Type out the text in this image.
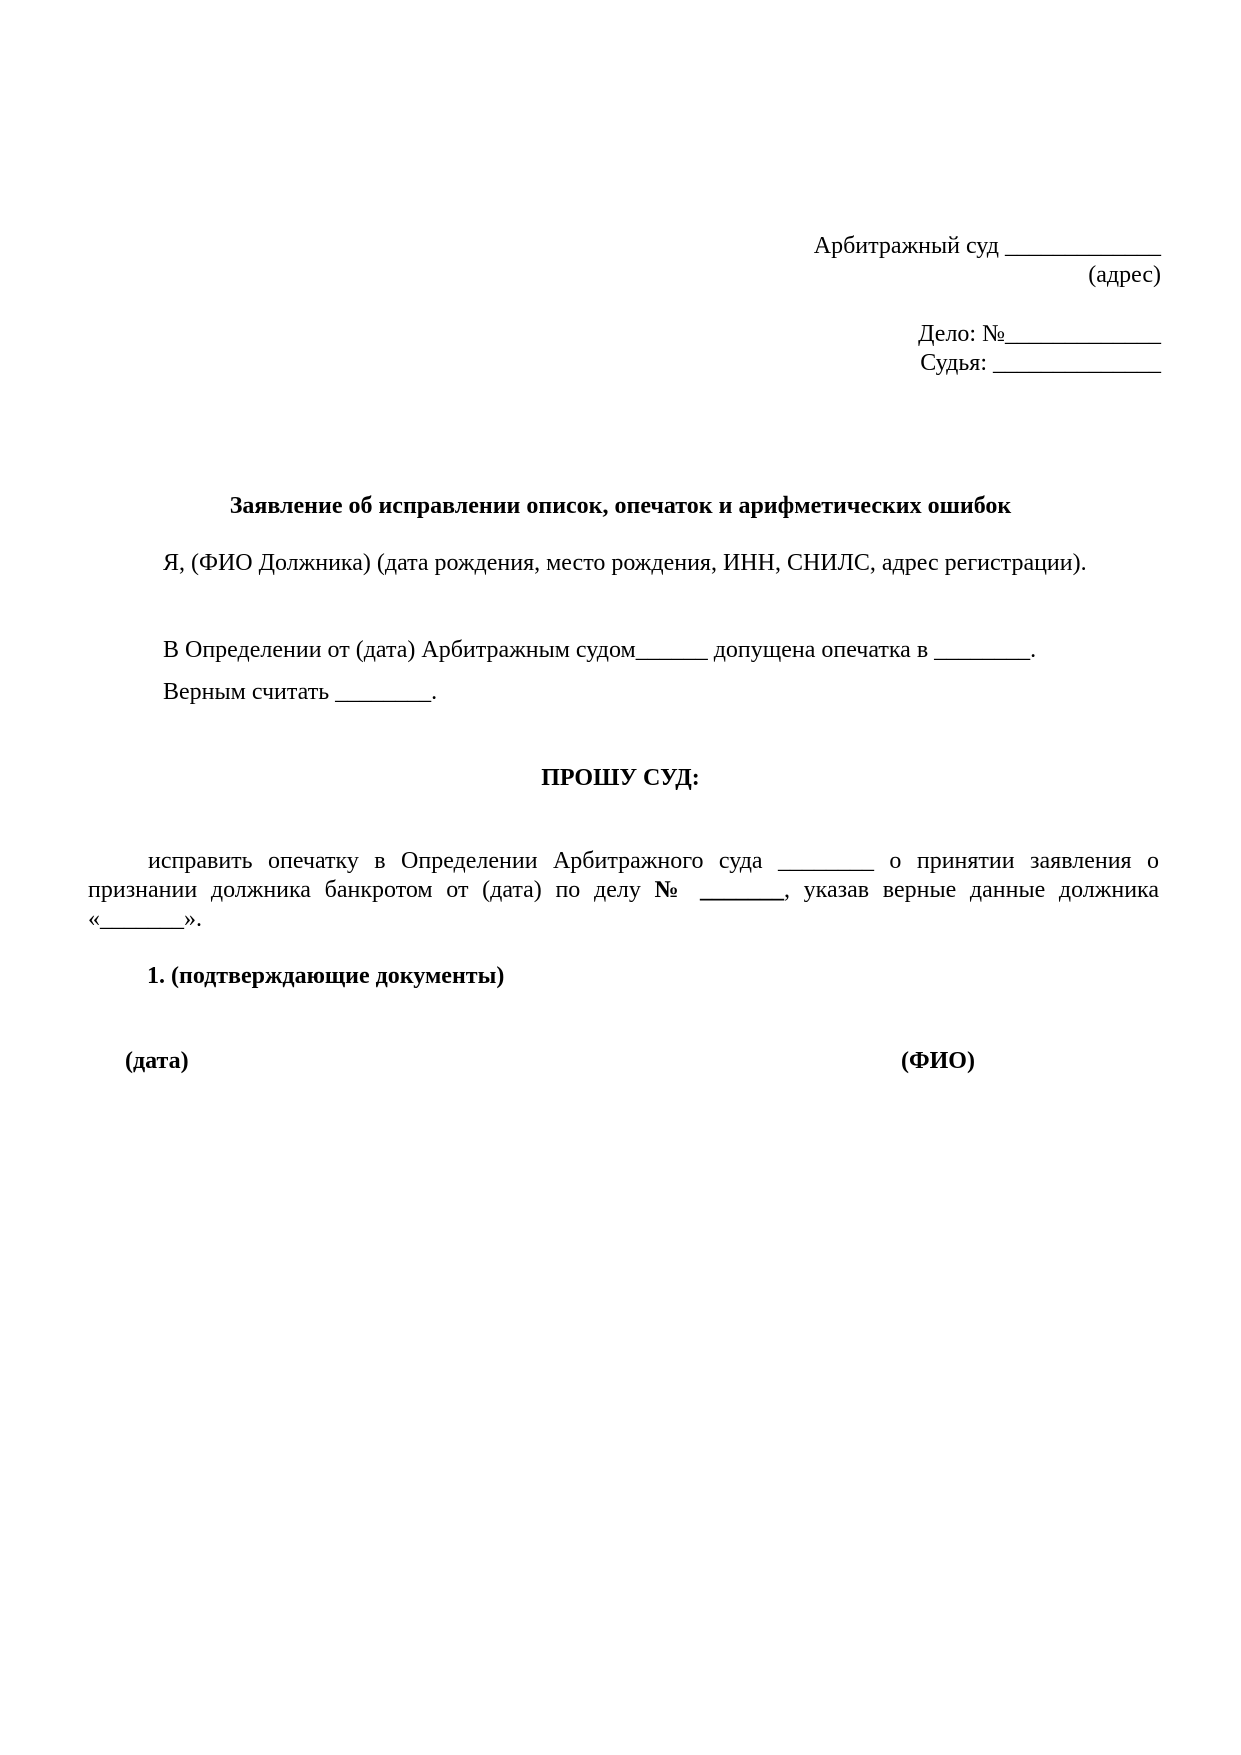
Арбитражный суд _____________
(адрес)
Дело: №_____________
Судья: ______________
Заявление об исправлении описок, опечаток и арифметических ошибок
Я, (ФИО Должника) (дата рождения, место рождения, ИНН, СНИЛС, адрес регистрации).
В Определении от (дата) Арбитражным судом______ допущена опечатка в ________.
Верным считать ________.
ПРОШУ СУД:
исправить опечатку в Определении Арбитражного суда ________ о принятии заявления о признании должника банкротом от (дата) по делу № _______, указав верные данные должника «_______».
1. (подтверждающие документы)
(дата)	(ФИО)
